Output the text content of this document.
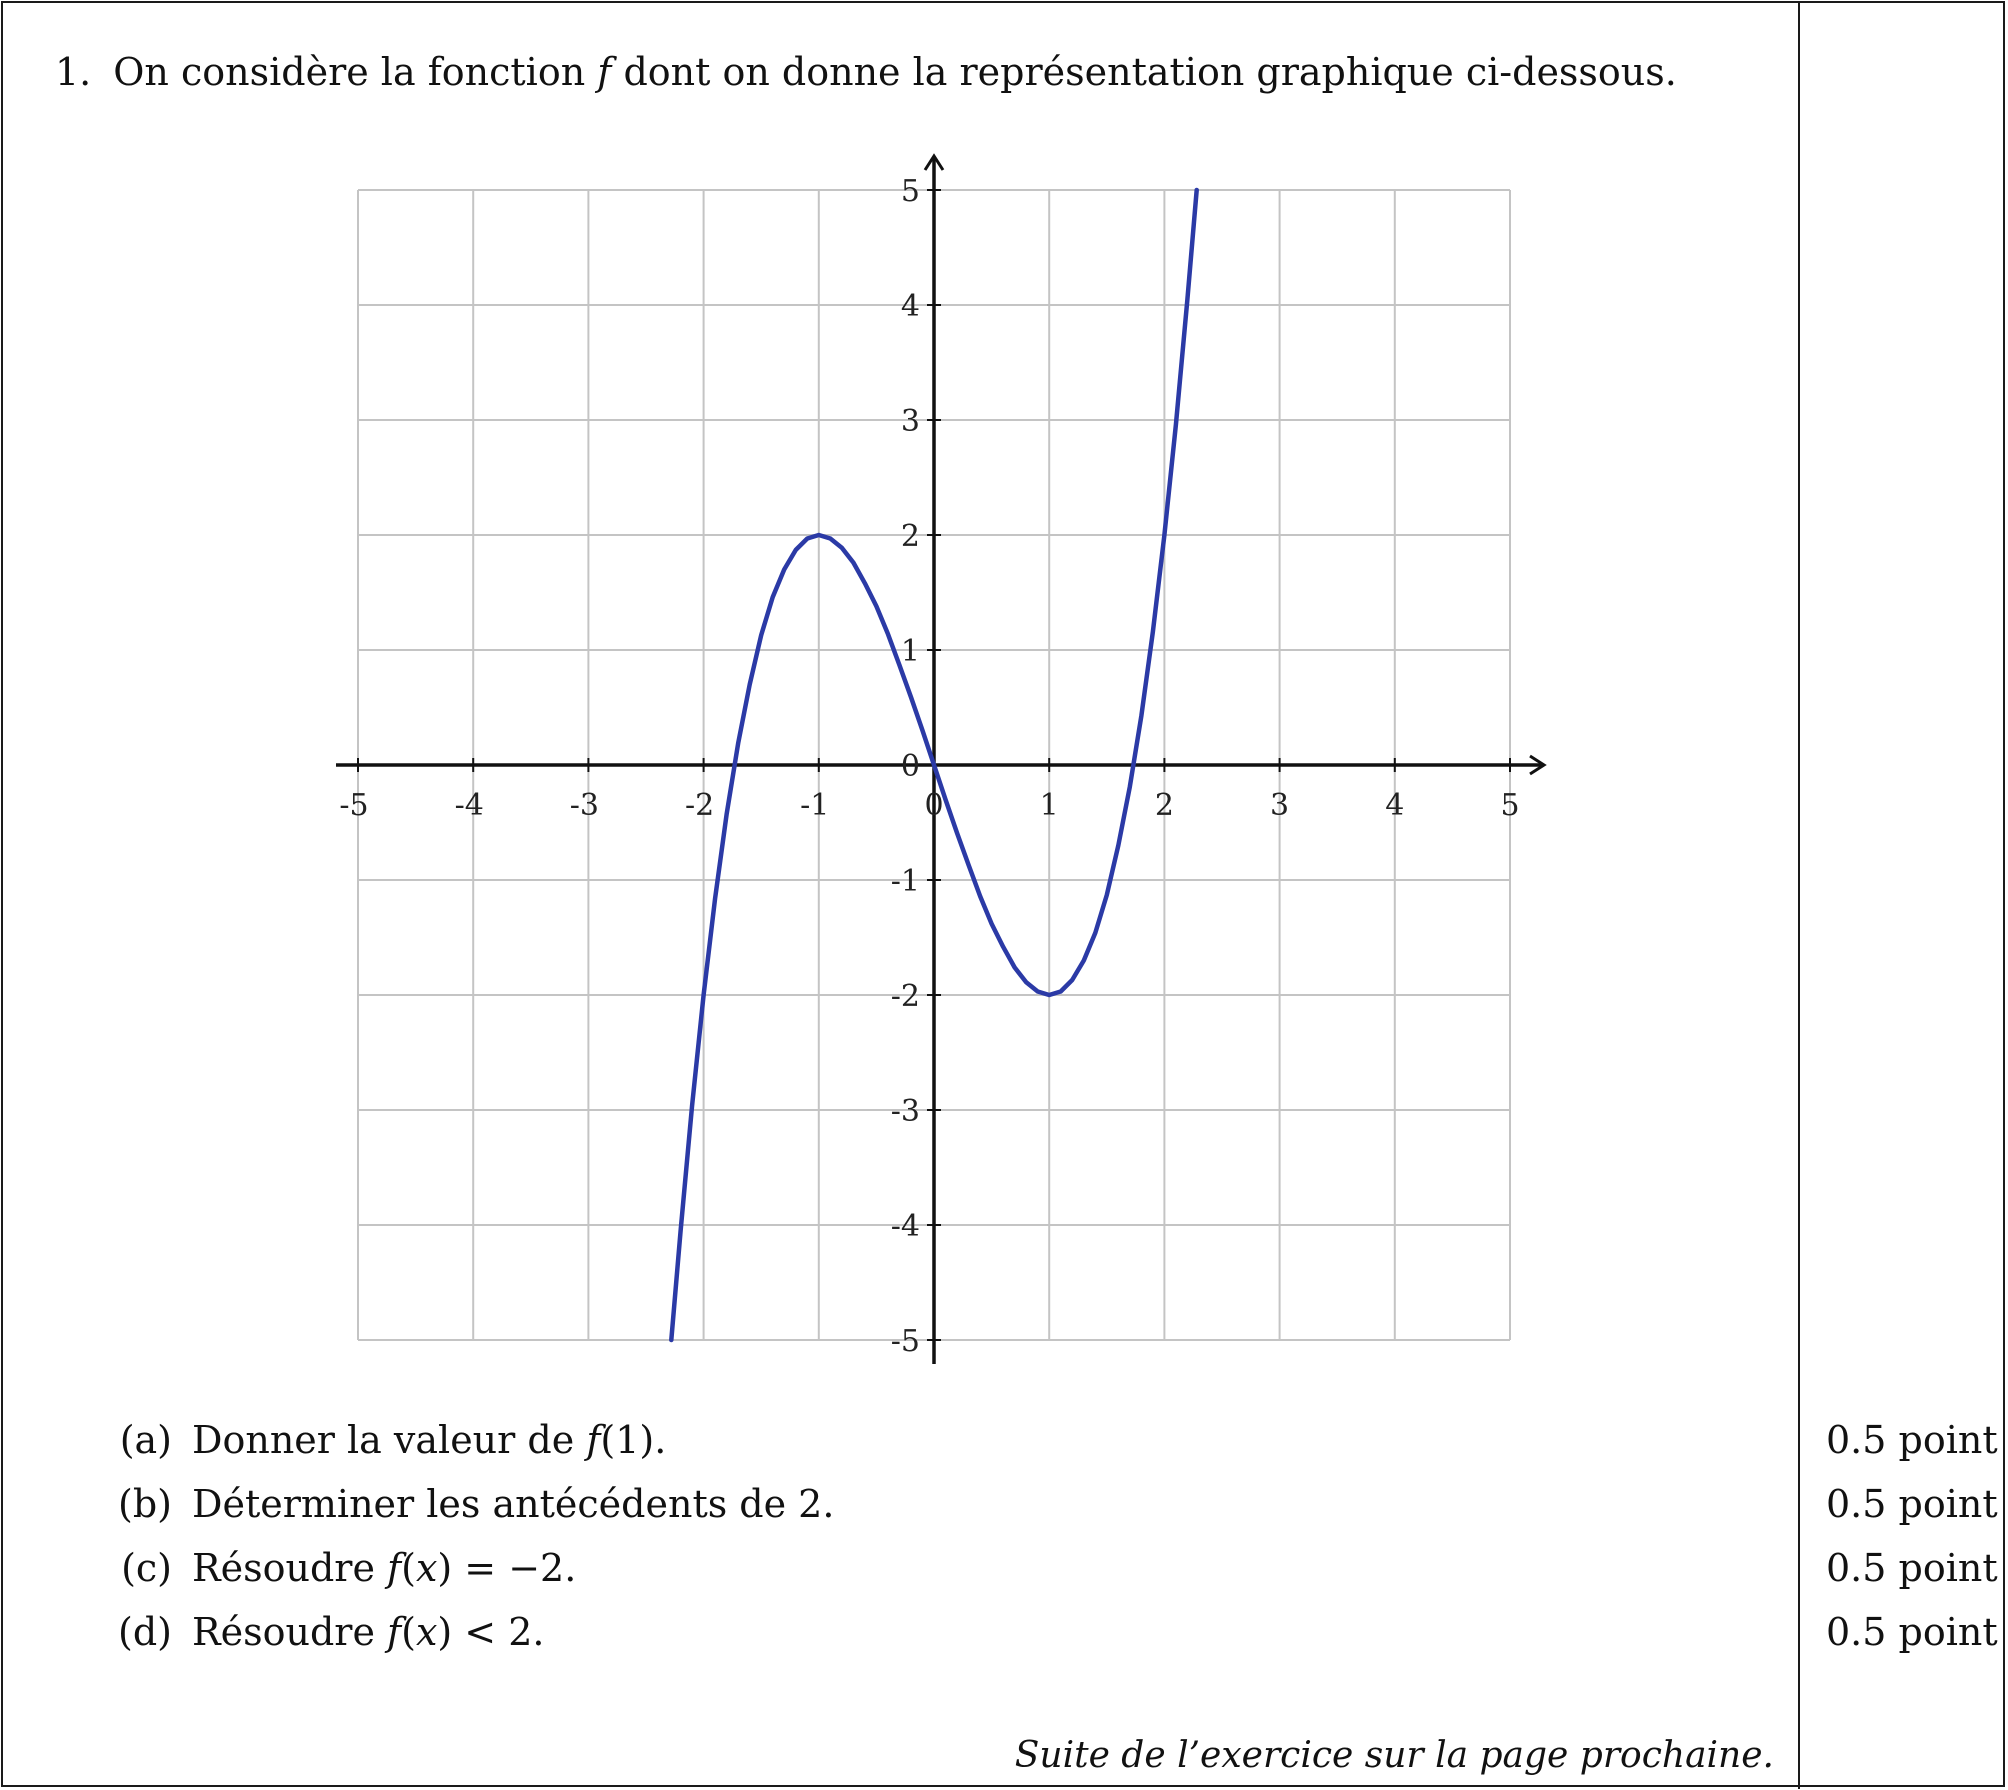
1. On considère la fonction f dont on donne la représentation graphique ci-dessous.
-5	-4	-3	-2	-1	0	1	2	3	4	5
-5
-4
-3
-2
-1
1
2
3
4
5
0
(a) Donner la valeur de f(1).	0.5 point
(b) Déterminer les antécédents de 2.	0.5 point
(c) Résoudre f(x) = −2.	0.5 point
(d) Résoudre f(x) < 2.	0.5 point
Suite de l’exercice sur la page prochaine.
